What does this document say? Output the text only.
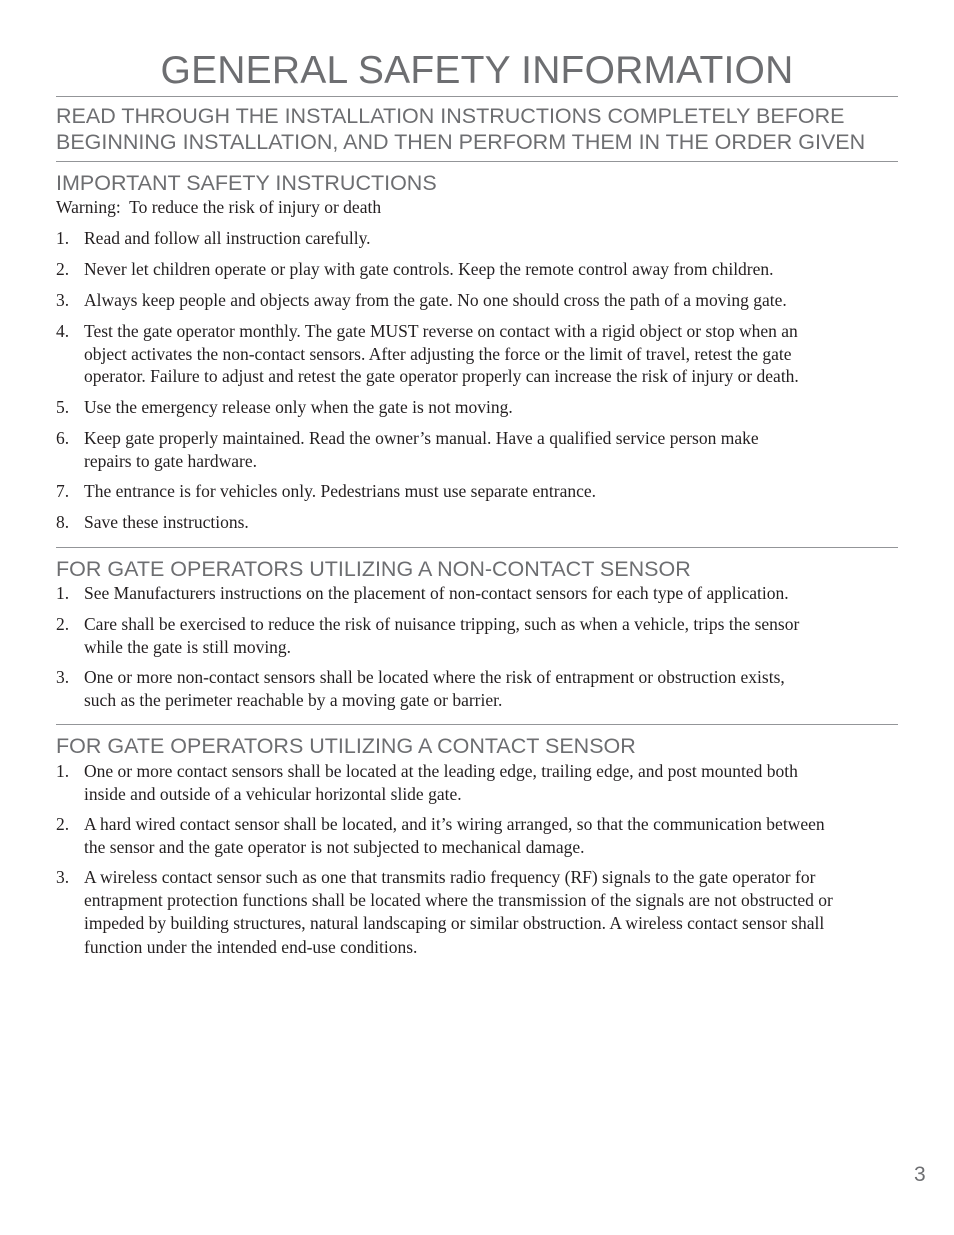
GENERAL SAFETY INFORMATION
READ THROUGH THE INSTALLATION INSTRUCTIONS COMPLETELY BEFORE
BEGINNING INSTALLATION, AND THEN PERFORM THEM IN THE ORDER GIVEN
IMPORTANT SAFETY INSTRUCTIONS
Warning:  To reduce the risk of injury or death
1. Read and follow all instruction carefully.
2. Never let children operate or play with gate controls. Keep the remote control away from children.
3. Always keep people and objects away from the gate. No one should cross the path of a moving gate.
4. Test the gate operator monthly. The gate MUST reverse on contact with a rigid object or stop when an
object activates the non-contact sensors. After adjusting the force or the limit of travel, retest the gate
operator. Failure to adjust and retest the gate operator properly can increase the risk of injury or death.
5. Use the emergency release only when the gate is not moving.
6. Keep gate properly maintained. Read the owner’s manual. Have a qualified service person make
repairs to gate hardware.
7. The entrance is for vehicles only. Pedestrians must use separate entrance.
8. Save these instructions.
FOR GATE OPERATORS UTILIZING A NON-CONTACT SENSOR
1. See Manufacturers instructions on the placement of non-contact sensors for each type of application.
2. Care shall be exercised to reduce the risk of nuisance tripping, such as when a vehicle, trips the sensor
while the gate is still moving.
3. One or more non-contact sensors shall be located where the risk of entrapment or obstruction exists,
such as the perimeter reachable by a moving gate or barrier.
FOR GATE OPERATORS UTILIZING A CONTACT SENSOR
1. One or more contact sensors shall be located at the leading edge, trailing edge, and post mounted both
inside and outside of a vehicular horizontal slide gate.
2. A hard wired contact sensor shall be located, and it’s wiring arranged, so that the communication between
the sensor and the gate operator is not subjected to mechanical damage.
3. A wireless contact sensor such as one that transmits radio frequency (RF) signals to the gate operator for
entrapment protection functions shall be located where the transmission of the signals are not obstructed or
impeded by building structures, natural landscaping or similar obstruction. A wireless contact sensor shall
function under the intended end-use conditions.
3
